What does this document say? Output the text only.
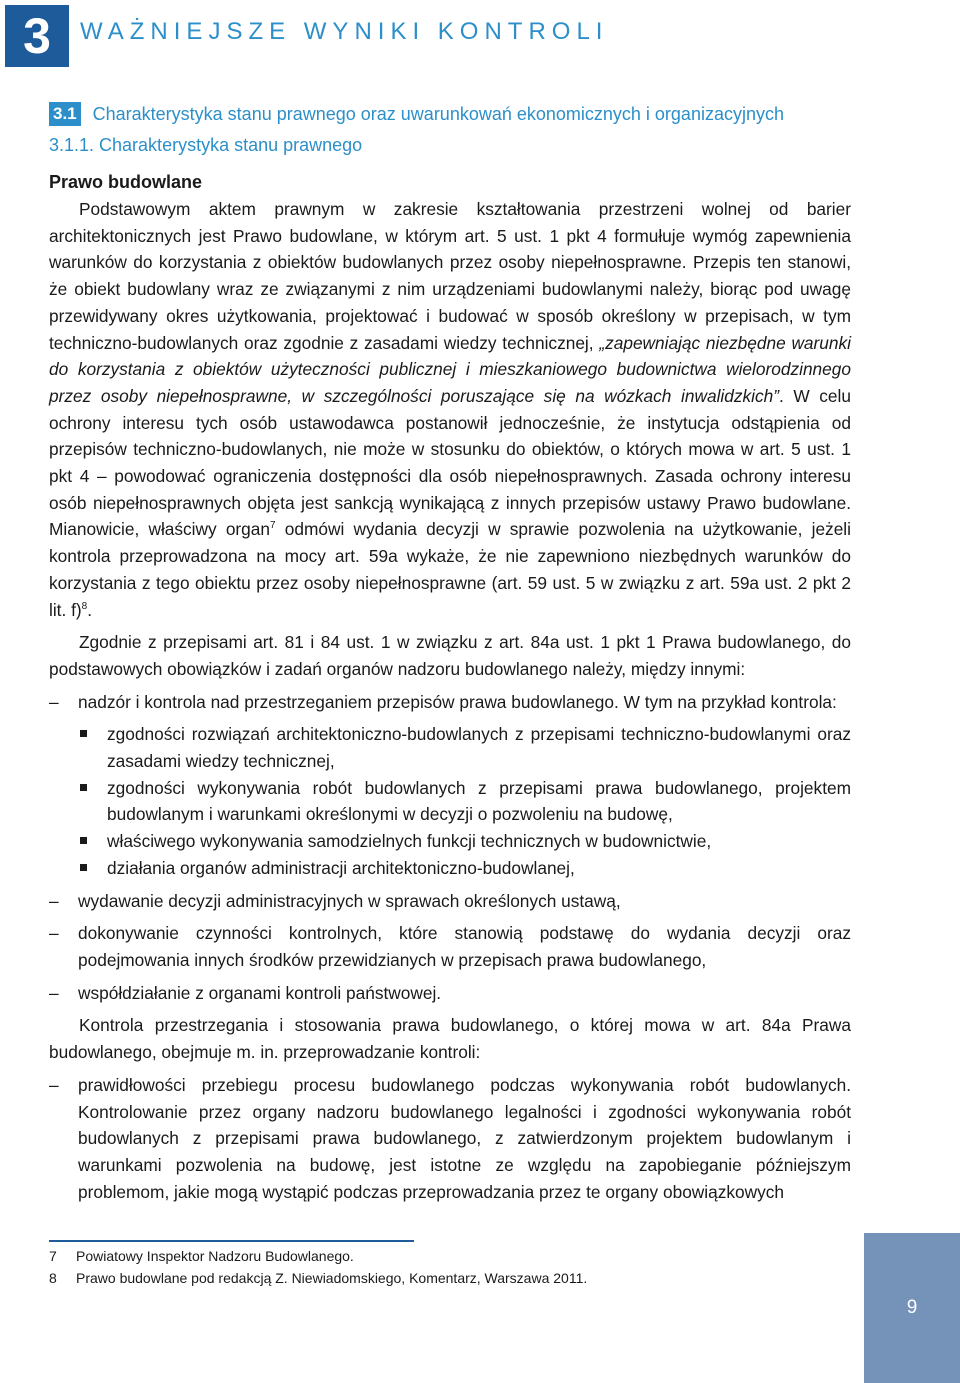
3	WAŻNIEJSZE WYNIKI KONTROLI
3.1 Charakterystyka stanu prawnego oraz uwarunkowań ekonomicznych i organizacyjnych
3.1.1. Charakterystyka stanu prawnego
Prawo budowlane

Podstawowym aktem prawnym w zakresie kształtowania przestrzeni wolnej od barier architektonicznych jest Prawo budowlane, w którym art. 5 ust. 1 pkt 4 formułuje wymóg zapewnienia warunków do korzystania z obiektów budowlanych przez osoby niepełnosprawne. Przepis ten stanowi, że obiekt budowlany wraz ze związanymi z nim urządzeniami budowlanymi należy, biorąc pod uwagę przewidywany okres użytkowania, projektować i budować w sposób określony w przepisach, w tym techniczno-budowlanych oraz zgodnie z zasadami wiedzy technicznej, „zapewniając niezbędne warunki do korzystania z obiektów użyteczności publicznej i mieszkaniowego budownictwa wielorodzinnego przez osoby niepełnosprawne, w szczególności poruszające się na wózkach inwalidzkich”. W celu ochrony interesu tych osób ustawodawca postanowił jednocześnie, że instytucja odstąpienia od przepisów techniczno-budowlanych, nie może w stosunku do obiektów, o których mowa w art. 5 ust. 1 pkt 4 – powodować ograniczenia dostępności dla osób niepełnosprawnych. Zasada ochrony interesu osób niepełnosprawnych objęta jest sankcją wynikającą z innych przepisów ustawy Prawo budowlane. Mianowicie, właściwy organ$^7$ odmówi wydania decyzji w sprawie pozwolenia na użytkowanie, jeżeli kontrola przeprowadzona na mocy art. 59a wykaże, że nie zapewniono niezbędnych warunków do korzystania z tego obiektu przez osoby niepełnosprawne (art. 59 ust. 5 w związku z art. 59a ust. 2 pkt 2 lit. f)$^8$.

Zgodnie z przepisami art. 81 i 84 ust. 1 w związku z art. 84a ust. 1 pkt 1 Prawa budowlanego, do podstawowych obowiązków i zadań organów nadzoru budowlanego należy, między innymi:

– nadzór i kontrola nad przestrzeganiem przepisów prawa budowlanego. W tym na przykład kontrola:

zgodności rozwiązań architektoniczno-budowlanych z przepisami techniczno-budowlanymi oraz zasadami wiedzy technicznej,

zgodności wykonywania robót budowlanych z przepisami prawa budowlanego, projektem budowlanym i warunkami określonymi w decyzji o pozwoleniu na budowę,

właściwego wykonywania samodzielnych funkcji technicznych w budownictwie,

działania organów administracji architektoniczno-budowlanej,

– wydawanie decyzji administracyjnych w sprawach określonych ustawą,

– dokonywanie czynności kontrolnych, które stanowią podstawę do wydania decyzji oraz podejmowania innych środków przewidzianych w przepisach prawa budowlanego,

– współdziałanie z organami kontroli państwowej.

Kontrola przestrzegania i stosowania prawa budowlanego, o której mowa w art. 84a Prawa budowlanego, obejmuje m. in. przeprowadzanie kontroli:

– prawidłowości przebiegu procesu budowlanego podczas wykonywania robót budowlanych. Kontrolowanie przez organy nadzoru budowlanego legalności i zgodności wykonywania robót budowlanych z przepisami prawa budowlanego, z zatwierdzonym projektem budowlanym i warunkami pozwolenia na budowę, jest istotne ze względu na zapobieganie późniejszym problemom, jakie mogą wystąpić podczas przeprowadzania przez te organy obowiązkowych

7 Powiatowy Inspektor Nadzoru Budowlanego.
8 Prawo budowlane pod redakcją Z. Niewiadomskiego, Komentarz, Warszawa 2011.
9
